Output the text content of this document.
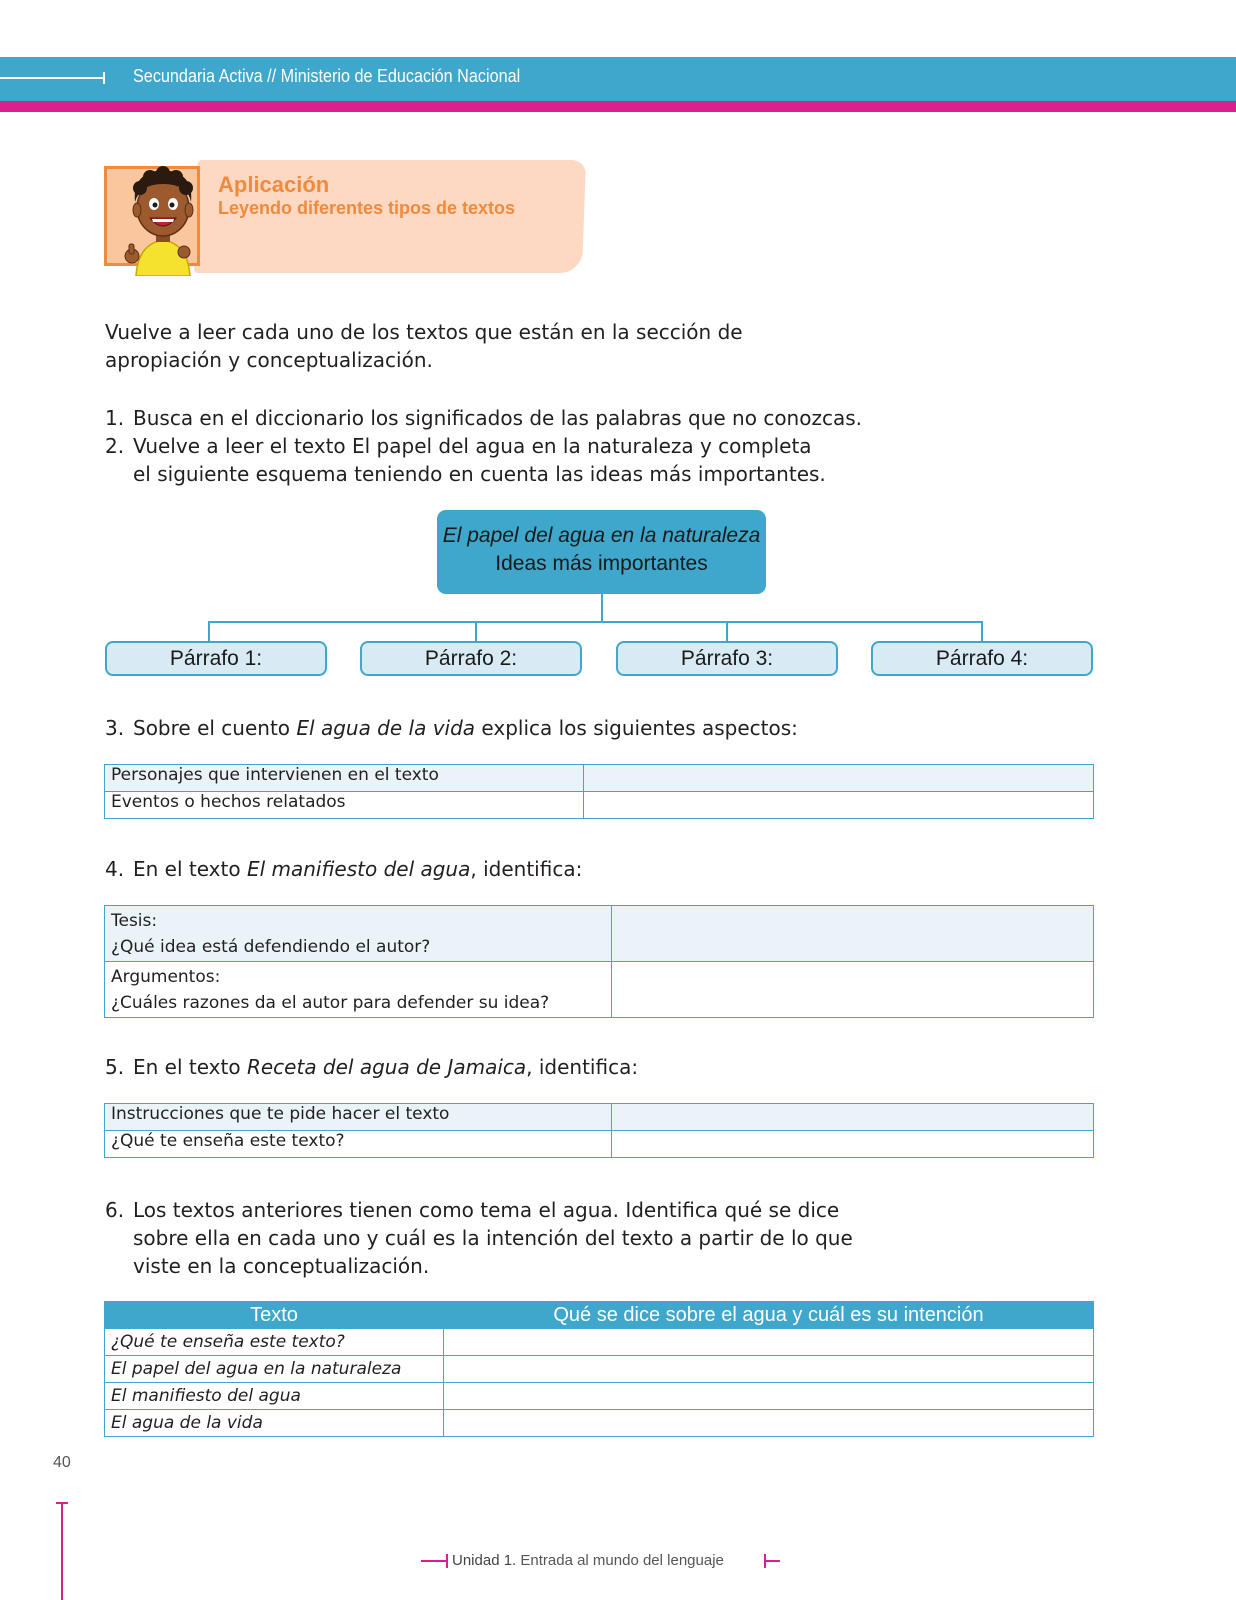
Secundaria Activa // Ministerio de Educación Nacional
Aplicación
Leyendo diferentes tipos de textos
Vuelve a leer cada uno de los textos que están en la sección de apropiación y conceptualización.
1. Busca en el diccionario los significados de las palabras que no conozcas.
2. Vuelve a leer el texto El papel del agua en la naturaleza y completa el siguiente esquema teniendo en cuenta las ideas más importantes.
El papel del agua en la naturaleza
Ideas más importantes
Párrafo 1:	Párrafo 2:	Párrafo 3:	Párrafo 4:
3. Sobre el cuento El agua de la vida explica los siguientes aspectos:
Personajes que intervienen en el texto	
Eventos o hechos relatados	
4. En el texto El manifiesto del agua, identifica:
Tesis:
¿Qué idea está defendiendo el autor?	

Argumentos:
¿Cuáles razones da el autor para defender su idea?	

5. En el texto Receta del agua de Jamaica, identifica:
Instrucciones que te pide hacer el texto	
¿Qué te enseña este texto?	
6. Los textos anteriores tienen como tema el agua. Identifica qué se dice sobre ella en cada uno y cuál es la intención del texto a partir de lo que viste en la conceptualización.
Texto	Qué se dice sobre el agua y cuál es su intención
¿Qué te enseña este texto?	
El papel del agua en la naturaleza	
El manifiesto del agua	
El agua de la vida	
40
Unidad 1. Entrada al mundo del lenguaje
